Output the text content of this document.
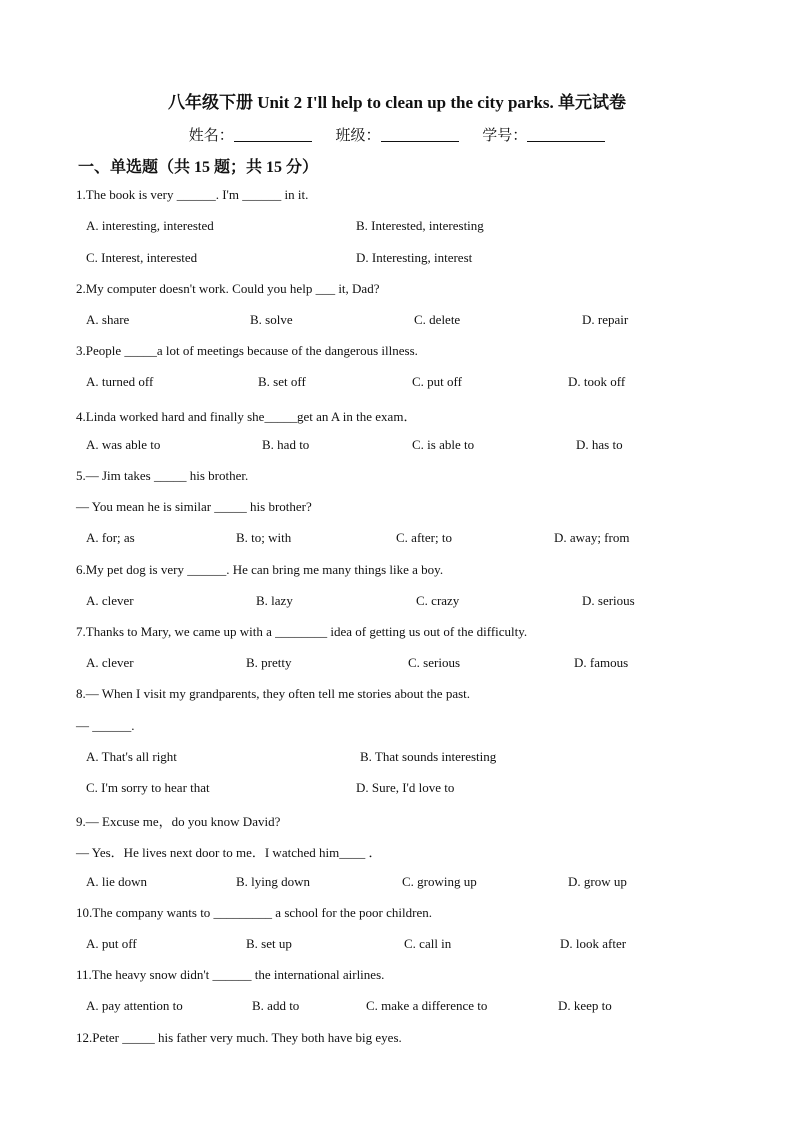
八年级下册 Unit 2 I'll help to clean up the city parks. 单元试卷
姓名：	班级：	学号：
一、单选题（共 15 题；共 15 分）
1.The book is very ______. I'm ______ in it.
A. interesting, interested	B. Interested, interesting
C. Interest, interested	D. Interesting, interest
2.My computer doesn't work. Could you help ___ it, Dad?
A. share	B. solve	C. delete	D. repair
3.People _____a lot of meetings because of the dangerous illness.
A. turned off	B. set off	C. put off	D. took off
4.Linda worked hard and finally she_____get an A in the exam．
A. was able to	B. had to	C. is able to	D. has to
5.— Jim takes _____ his brother.
— You mean he is similar _____ his brother?
A. for; as	B. to; with	C. after; to	D. away; from
6.My pet dog is very ______. He can bring me many things like a boy.
A. clever	B. lazy	C. crazy	D. serious
7.Thanks to Mary, we came up with a ________ idea of getting us out of the difficulty.
A. clever	B. pretty	C. serious	D. famous
8.— When I visit my grandparents, they often tell me stories about the past.
— ______.
A. That's all right	B. That sounds interesting
C. I'm sorry to hear that	D. Sure, I'd love to
9.— Excuse me，do you know David?
— Yes．He lives next door to me．I watched him____ ．
A. lie down	B. lying down	C. growing up	D. grow up
10.The company wants to _________ a school for the poor children.
A. put off	B. set up	C. call in	D. look after
11.The heavy snow didn't ______ the international airlines.
A. pay attention to	B. add to	C. make a difference to	D. keep to
12.Peter _____ his father very much. They both have big eyes.
